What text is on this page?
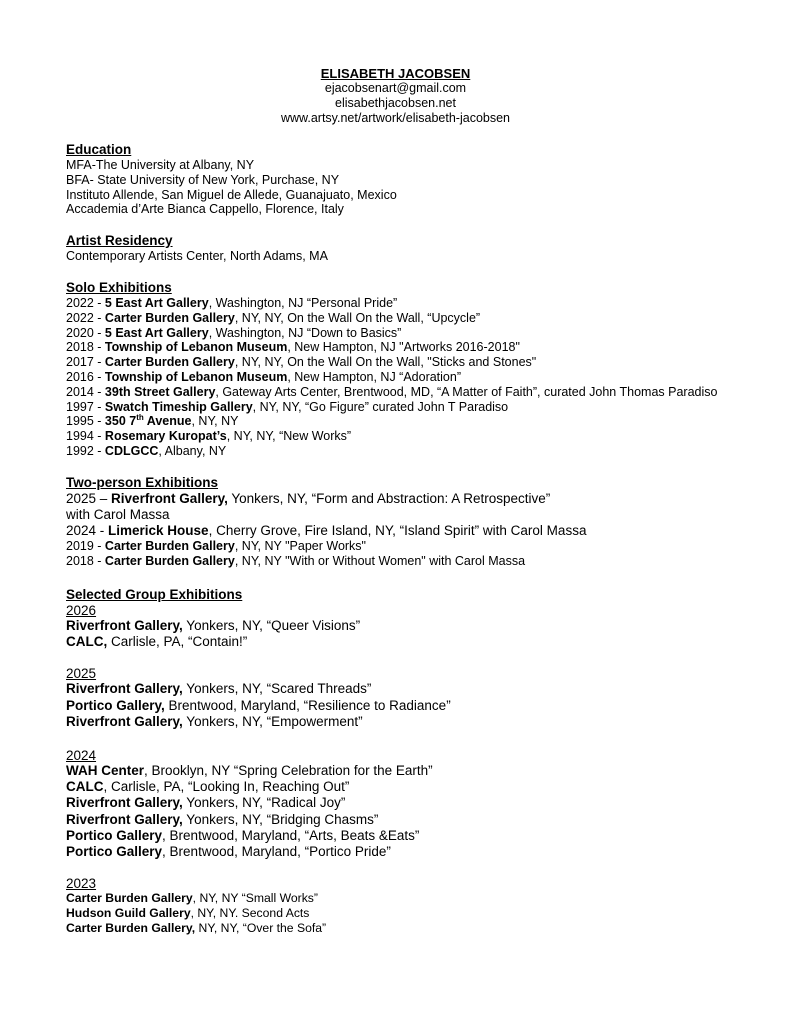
ELISABETH JACOBSEN

ejacobsenart@gmail.com

elisabethjacobsen.net

www.artsy.net/artwork/elisabeth-jacobsen

Education

MFA-The University at Albany, NY

BFA- State University of New York, Purchase, NY

Instituto Allende, San Miguel de Allede, Guanajuato, Mexico

Accademia d’Arte Bianca Cappello, Florence, Italy

Artist Residency

Contemporary Artists Center, North Adams, MA

Solo Exhibitions

2022 - 5 East Art Gallery, Washington, NJ “Personal Pride”

2022 - Carter Burden Gallery, NY, NY, On the Wall On the Wall, “Upcycle”

2020 - 5 East Art Gallery, Washington, NJ “Down to Basics”

2018 - Township of Lebanon Museum, New Hampton, NJ "Artworks 2016-2018"

2017 - Carter Burden Gallery, NY, NY, On the Wall On the Wall, "Sticks and Stones"

2016 - Township of Lebanon Museum, New Hampton, NJ “Adoration”

2014 - 39th Street Gallery, Gateway Arts Center, Brentwood, MD, “A Matter of Faith”, curated John Thomas Paradiso

1997 - Swatch Timeship Gallery, NY, NY, “Go Figure” curated John T Paradiso

1995 - 350 7th Avenue, NY, NY

1994 - Rosemary Kuropat’s, NY, NY, “New Works”

1992 - CDLGCC, Albany, NY

Two-person Exhibitions

2025 – Riverfront Gallery, Yonkers, NY, “Form and Abstraction: A Retrospective”

with Carol Massa

2024 - Limerick House, Cherry Grove, Fire Island, NY, “Island Spirit” with Carol Massa

2019 - Carter Burden Gallery, NY, NY "Paper Works"

2018 - Carter Burden Gallery, NY, NY "With or Without Women" with Carol Massa

Selected Group Exhibitions

2026

Riverfront Gallery, Yonkers, NY, “Queer Visions”

CALC, Carlisle, PA, “Contain!”

2025

Riverfront Gallery, Yonkers, NY, “Scared Threads”

Portico Gallery, Brentwood, Maryland, “Resilience to Radiance”

Riverfront Gallery, Yonkers, NY, “Empowerment”

2024

WAH Center, Brooklyn, NY “Spring Celebration for the Earth”

CALC, Carlisle, PA, “Looking In, Reaching Out”

Riverfront Gallery, Yonkers, NY, “Radical Joy”

Riverfront Gallery, Yonkers, NY, “Bridging Chasms”

Portico Gallery, Brentwood, Maryland, “Arts, Beats &Eats”

Portico Gallery, Brentwood, Maryland, “Portico Pride”

2023

Carter Burden Gallery, NY, NY “Small Works”

Hudson Guild Gallery, NY, NY. Second Acts

Carter Burden Gallery, NY, NY, “Over the Sofa”
